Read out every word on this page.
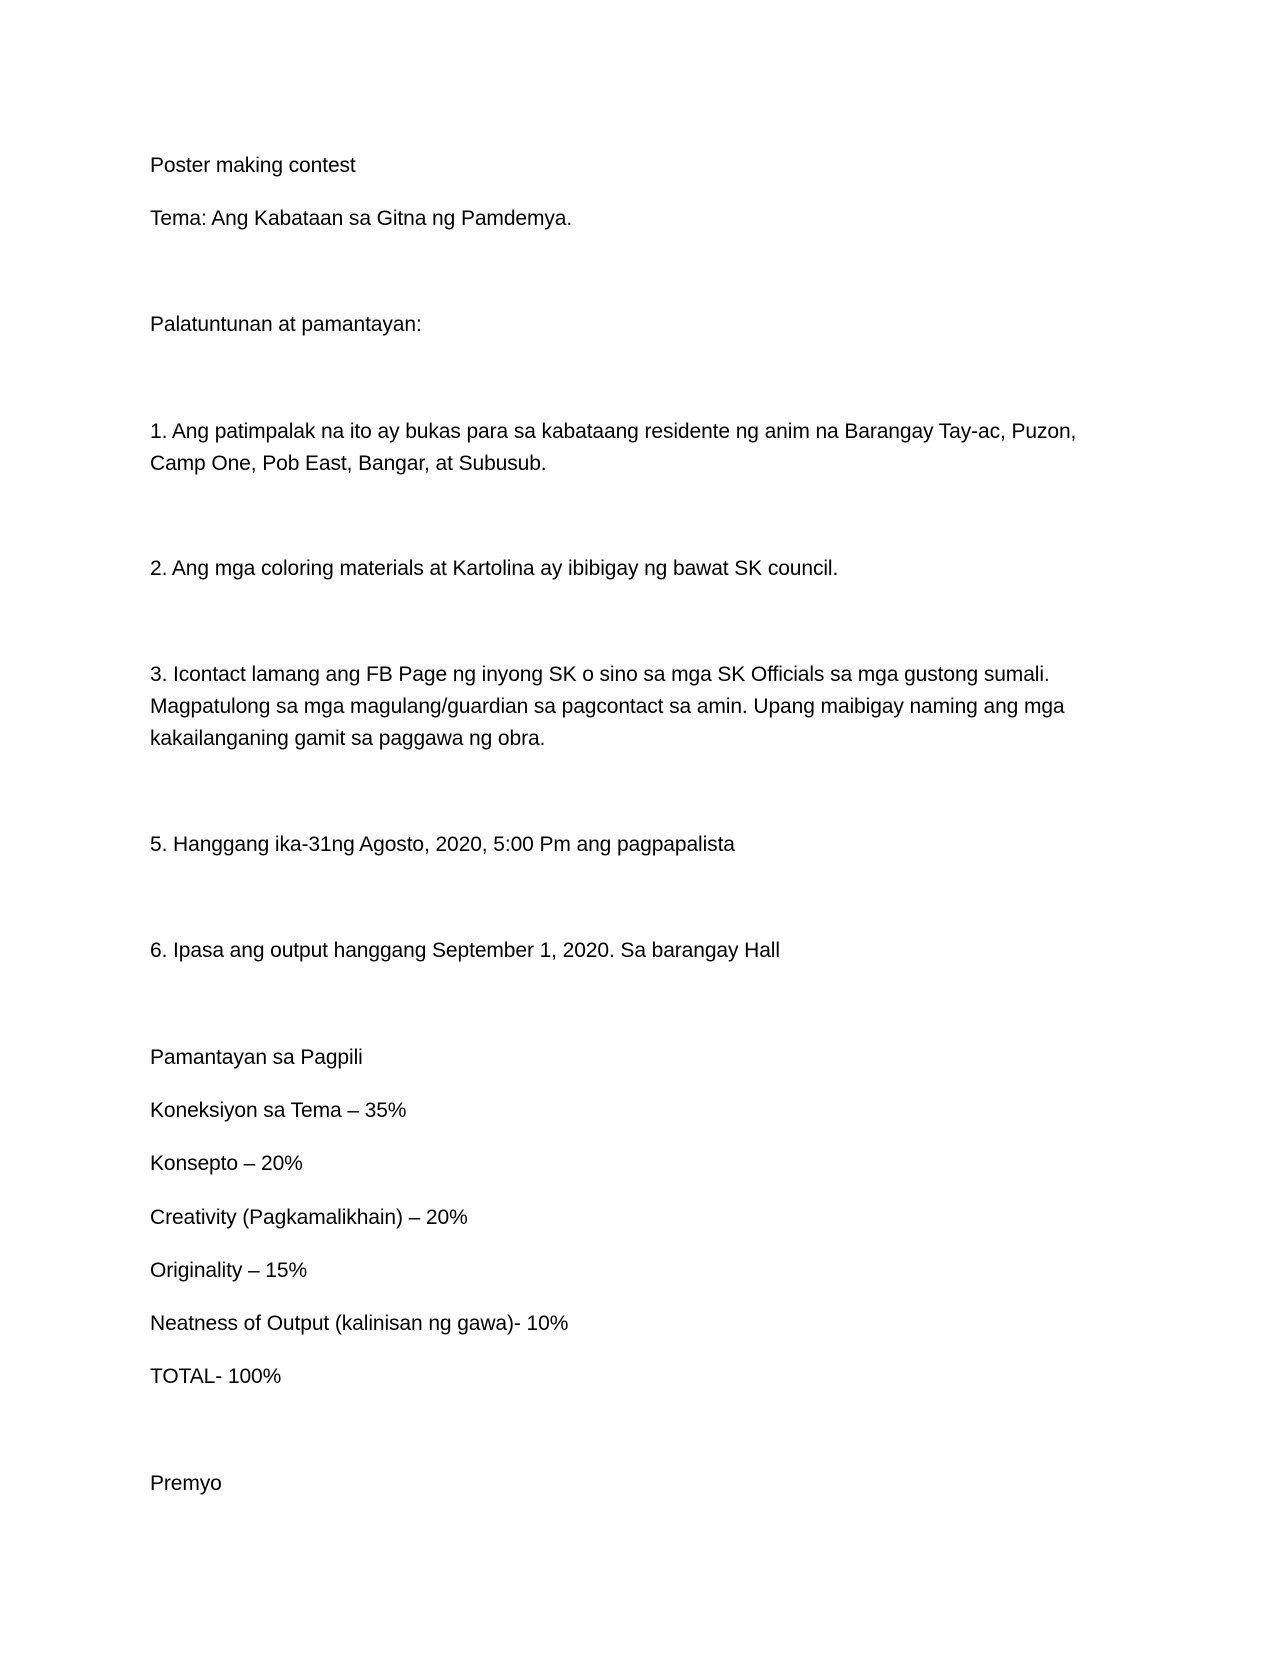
Poster making contest

Tema: Ang Kabataan sa Gitna ng Pamdemya.

Palatuntunan at pamantayan:

1. Ang patimpalak na ito ay bukas para sa kabataang residente ng anim na Barangay Tay-ac, Puzon, Camp One, Pob East, Bangar, at Subusub.

2. Ang mga coloring materials at Kartolina ay ibibigay ng bawat SK council.

3. Icontact lamang ang FB Page ng inyong SK o sino sa mga SK Officials sa mga gustong sumali. Magpatulong sa mga magulang/guardian sa pagcontact sa amin. Upang maibigay naming ang mga kakailanganing gamit sa paggawa ng obra.

5. Hanggang ika-31ng Agosto, 2020, 5:00 Pm ang pagpapalista

6. Ipasa ang output hanggang September 1, 2020. Sa barangay Hall

Pamantayan sa Pagpili

Koneksiyon sa Tema – 35%

Konsepto – 20%

Creativity (Pagkamalikhain) – 20%

Originality – 15%

Neatness of Output (kalinisan ng gawa)- 10%

TOTAL- 100%

Premyo
